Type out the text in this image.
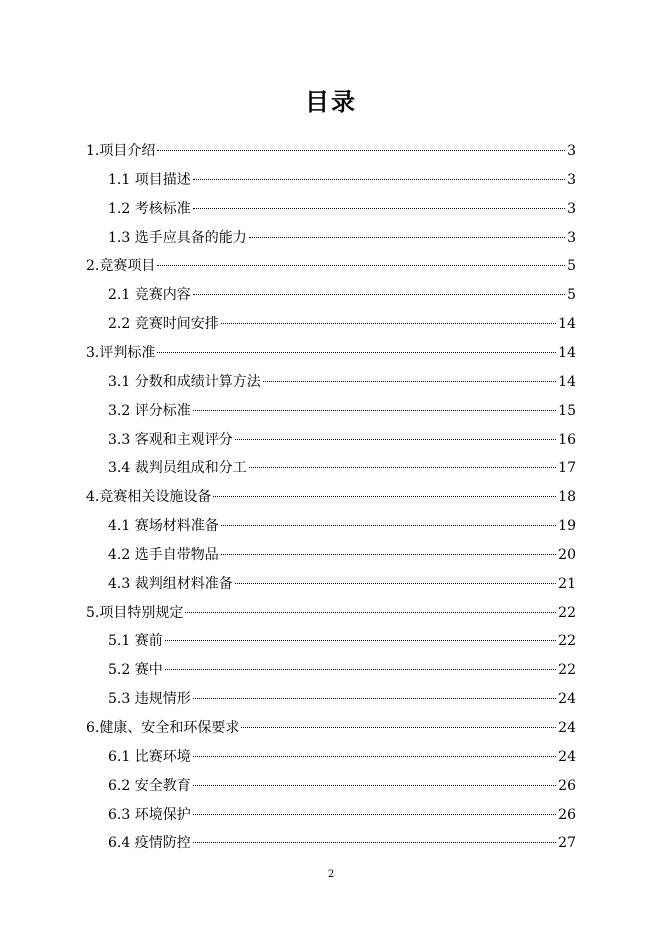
目录
1.项目介绍	3
1.1 项目描述	3
1.2 考核标准	3
1.3 选手应具备的能力	3
2.竞赛项目	5
2.1 竞赛内容	5
2.2 竞赛时间安排	14
3.评判标准	14
3.1 分数和成绩计算方法	14
3.2 评分标准	15
3.3 客观和主观评分	16
3.4 裁判员组成和分工	17
4.竞赛相关设施设备	18
4.1 赛场材料准备	19
4.2 选手自带物品	20
4.3 裁判组材料准备	21
5.项目特别规定	22
5.1 赛前	22
5.2 赛中	22
5.3 违规情形	24
6.健康、安全和环保要求	24
6.1 比赛环境	24
6.2 安全教育	26
6.3 环境保护	26
6.4 疫情防控	27
2
